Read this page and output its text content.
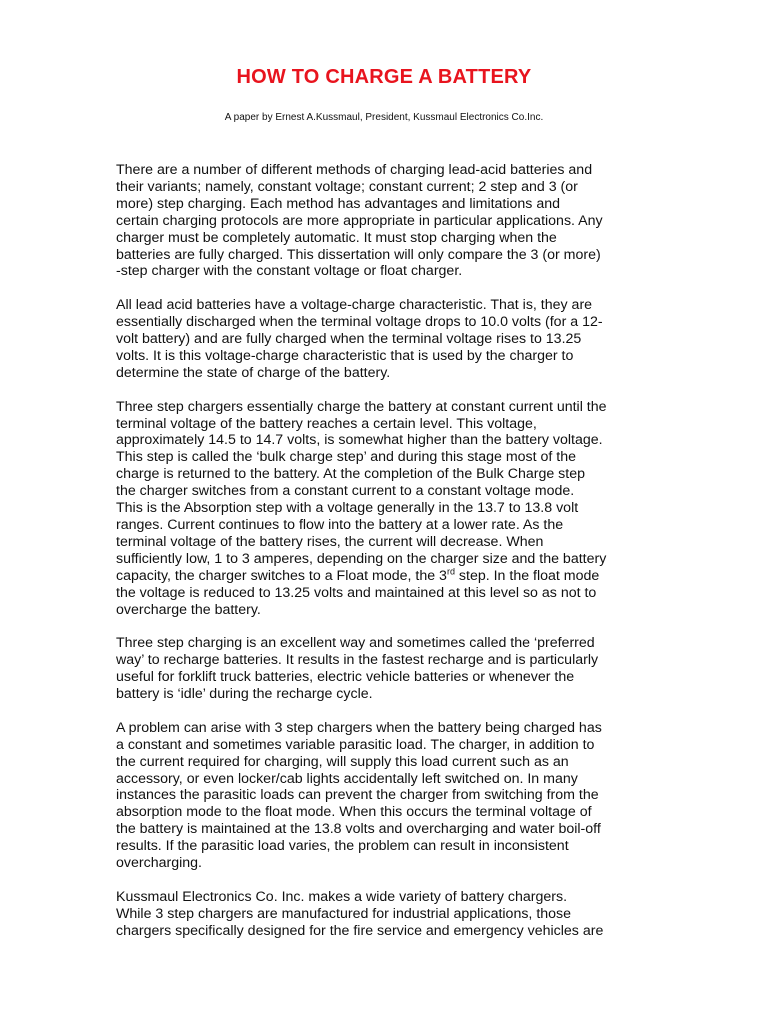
HOW TO CHARGE A BATTERY

A paper by Ernest A.Kussmaul, President, Kussmaul Electronics Co.Inc.

There are a number of different methods of charging lead-acid batteries and
their variants; namely, constant voltage; constant current; 2 step and 3 (or
more) step charging. Each method has advantages and limitations and
certain charging protocols are more appropriate in particular applications. Any
charger must be completely automatic. It must stop charging when the
batteries are fully charged. This dissertation will only compare the 3 (or more)
-step charger with the constant voltage or float charger.

All lead acid batteries have a voltage-charge characteristic. That is, they are
essentially discharged when the terminal voltage drops to 10.0 volts (for a 12-
volt battery) and are fully charged when the terminal voltage rises to 13.25
volts. It is this voltage-charge characteristic that is used by the charger to
determine the state of charge of the battery.

Three step chargers essentially charge the battery at constant current until the
terminal voltage of the battery reaches a certain level. This voltage,
approximately 14.5 to 14.7 volts, is somewhat higher than the battery voltage.
This step is called the ‘bulk charge step’ and during this stage most of the
charge is returned to the battery. At the completion of the Bulk Charge step
the charger switches from a constant current to a constant voltage mode.
This is the Absorption step with a voltage generally in the 13.7 to 13.8 volt
ranges. Current continues to flow into the battery at a lower rate. As the
terminal voltage of the battery rises, the current will decrease. When
sufficiently low, 1 to 3 amperes, depending on the charger size and the battery
capacity, the charger switches to a Float mode, the 3rd step. In the float mode
the voltage is reduced to 13.25 volts and maintained at this level so as not to
overcharge the battery.

Three step charging is an excellent way and sometimes called the ‘preferred
way’ to recharge batteries. It results in the fastest recharge and is particularly
useful for forklift truck batteries, electric vehicle batteries or whenever the
battery is ‘idle’ during the recharge cycle.

A problem can arise with 3 step chargers when the battery being charged has
a constant and sometimes variable parasitic load. The charger, in addition to
the current required for charging, will supply this load current such as an
accessory, or even locker/cab lights accidentally left switched on. In many
instances the parasitic loads can prevent the charger from switching from the
absorption mode to the float mode. When this occurs the terminal voltage of
the battery is maintained at the 13.8 volts and overcharging and water boil-off
results. If the parasitic load varies, the problem can result in inconsistent
overcharging.

Kussmaul Electronics Co. Inc. makes a wide variety of battery chargers.
While 3 step chargers are manufactured for industrial applications, those
chargers specifically designed for the fire service and emergency vehicles are
